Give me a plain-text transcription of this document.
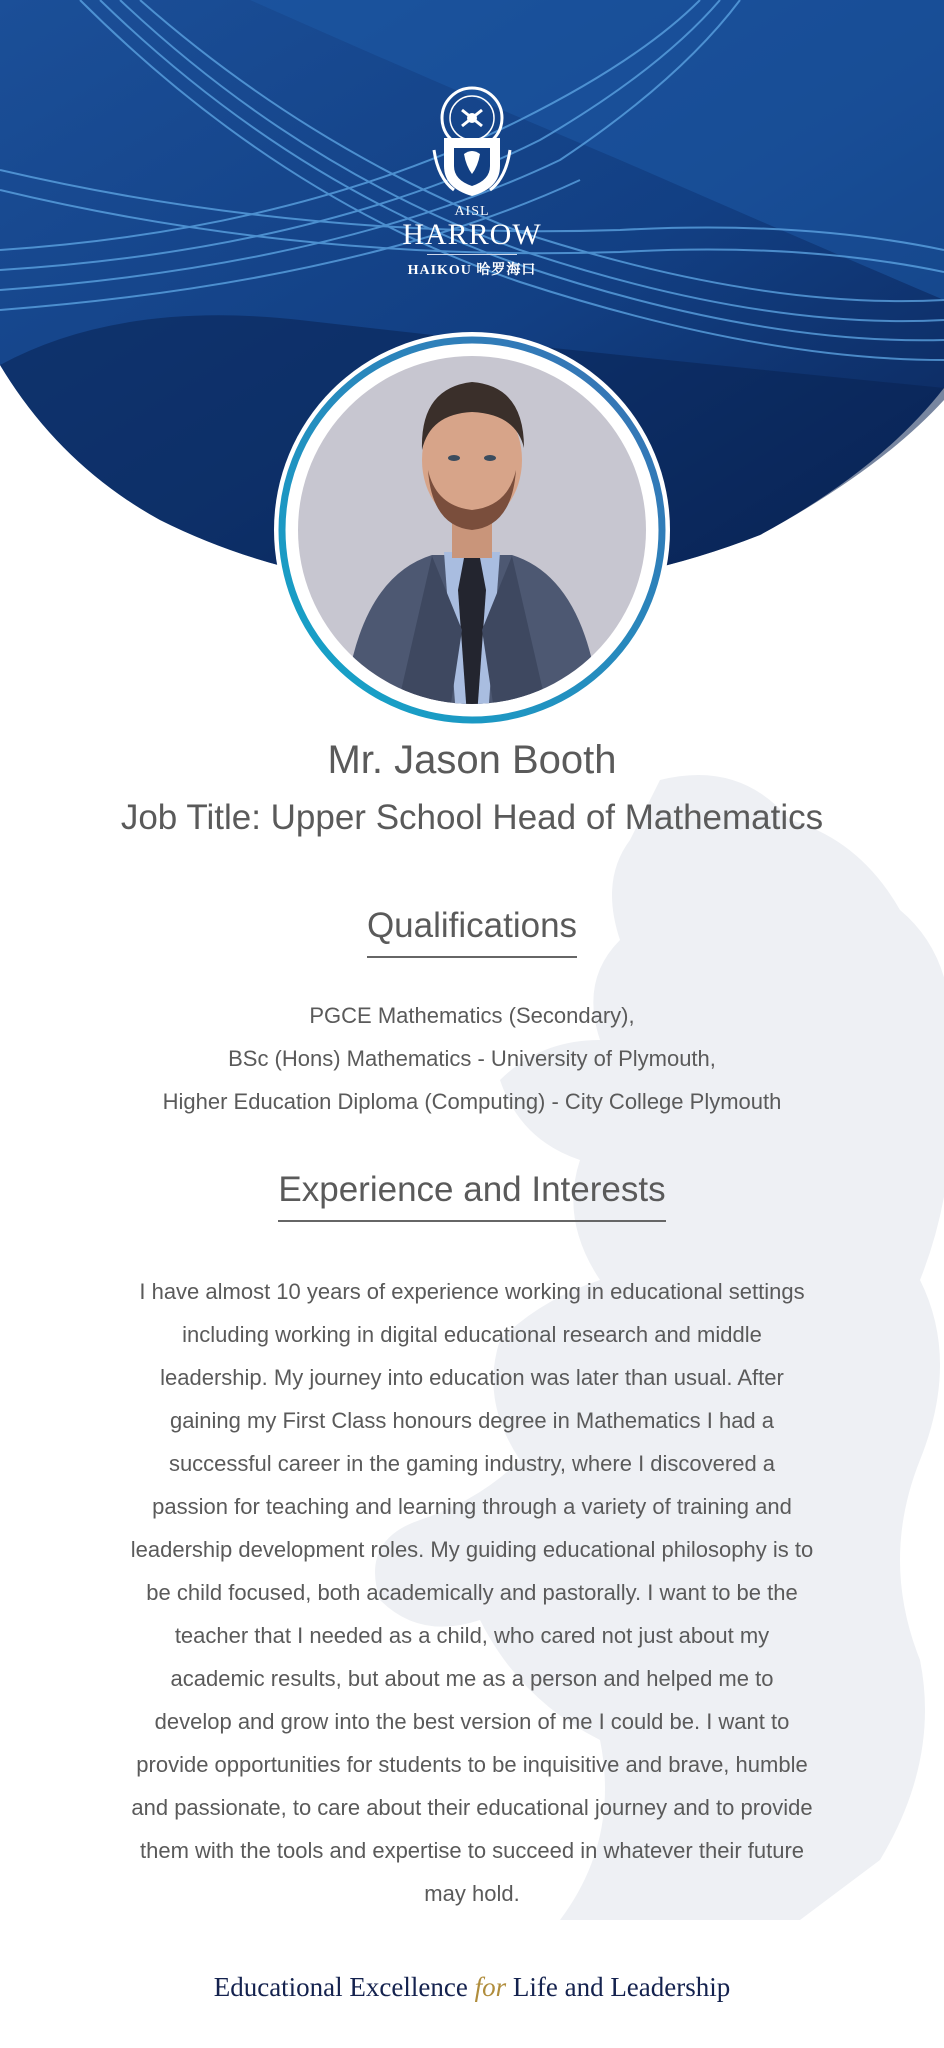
AISL
HARROW
HAIKOU 哈罗海口
Mr. Jason Booth
Job Title: Upper School Head of Mathematics
Qualifications
PGCE Mathematics (Secondary),
BSc (Hons) Mathematics - University of Plymouth,
Higher Education Diploma (Computing) - City College Plymouth
Experience and Interests

I have almost 10 years of experience working in educational settings including working in digital educational research and middle leadership. My journey into education was later than usual. After gaining my First Class honours degree in Mathematics I had a successful career in the gaming industry, where I discovered a passion for teaching and learning through a variety of training and leadership development roles. My guiding educational philosophy is to be child focused, both academically and pastorally. I want to be the teacher that I needed as a child, who cared not just about my academic results, but about me as a person and helped me to develop and grow into the best version of me I could be. I want to provide opportunities for students to be inquisitive and brave, humble and passionate, to care about their educational journey and to provide them with the tools and expertise to succeed in whatever their future may hold.

Educational Excellence for Life and Leadership
